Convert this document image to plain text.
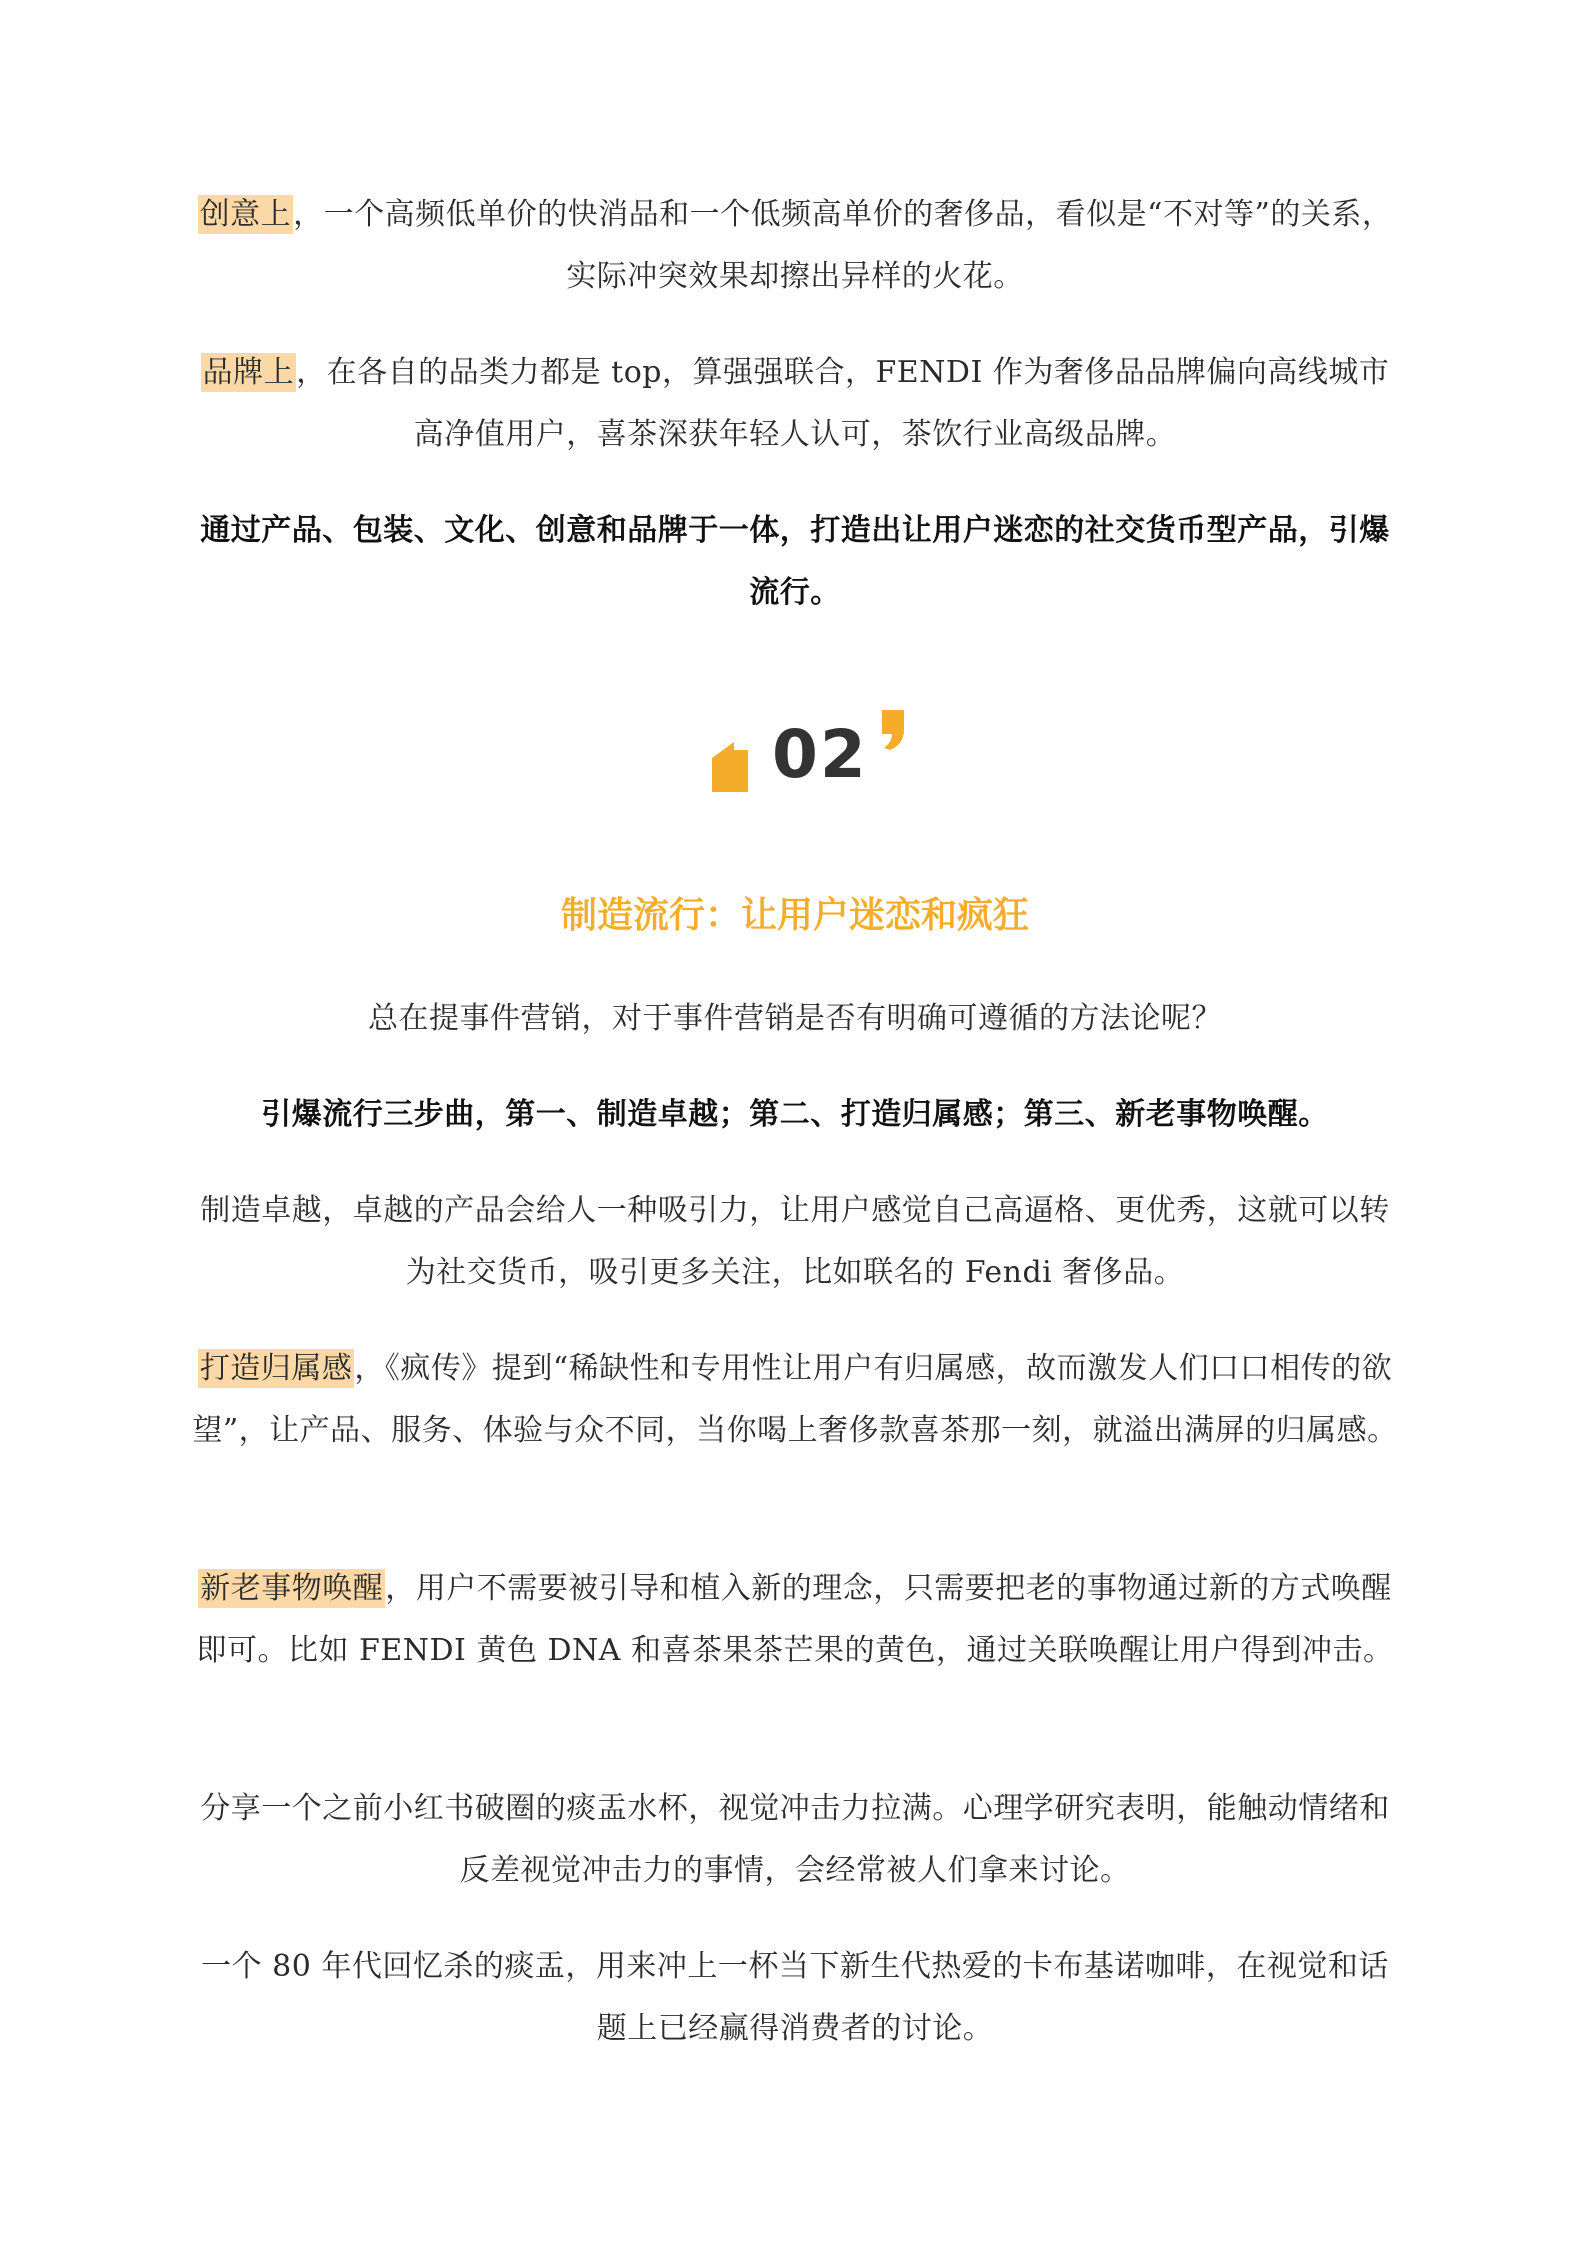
创意上，一个高频低单价的快消品和一个低频高单价的奢侈品，看似是“不对等”的关系，实际冲突效果却擦出异样的火花。

品牌上，在各自的品类力都是 top，算强强联合，FENDI 作为奢侈品品牌偏向高线城市高净值用户，喜茶深获年轻人认可，茶饮行业高级品牌。

通过产品、包装、文化、创意和品牌于一体，打造出让用户迷恋的社交货币型产品，引爆流行。

02
制造流行：让用户迷恋和疯狂

总在提事件营销，对于事件营销是否有明确可遵循的方法论呢？

引爆流行三步曲，第一、制造卓越；第二、打造归属感；第三、新老事物唤醒。

制造卓越，卓越的产品会给人一种吸引力，让用户感觉自己高逼格、更优秀，这就可以转为社交货币，吸引更多关注，比如联名的 Fendi 奢侈品。

打造归属感，《疯传》提到“稀缺性和专用性让用户有归属感，故而激发人们口口相传的欲望”，让产品、服务、体验与众不同，当你喝上奢侈款喜茶那一刻，就溢出满屏的归属感。

新老事物唤醒，用户不需要被引导和植入新的理念，只需要把老的事物通过新的方式唤醒即可。比如 FENDI 黄色 DNA 和喜茶果茶芒果的黄色，通过关联唤醒让用户得到冲击。

分享一个之前小红书破圈的痰盂水杯，视觉冲击力拉满。心理学研究表明，能触动情绪和反差视觉冲击力的事情，会经常被人们拿来讨论。

一个 80 年代回忆杀的痰盂，用来冲上一杯当下新生代热爱的卡布基诺咖啡，在视觉和话题上已经赢得消费者的讨论。
